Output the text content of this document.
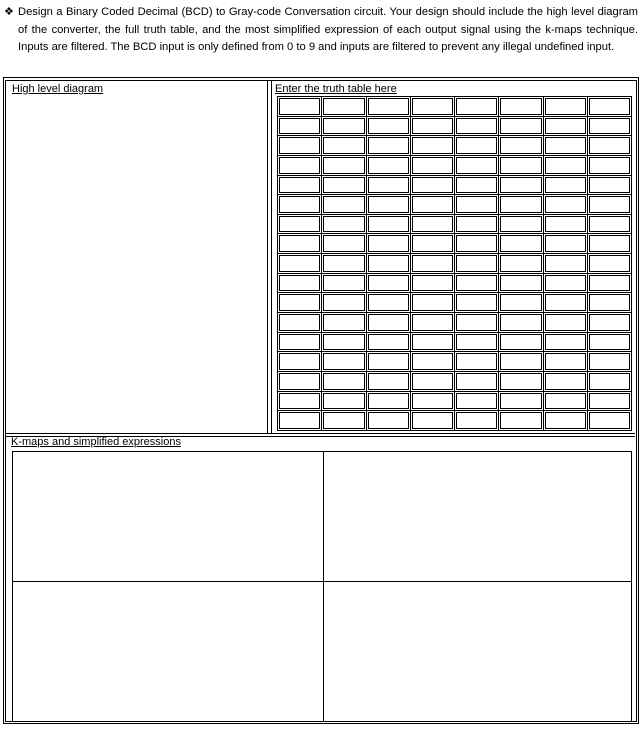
❖ Design a Binary Coded Decimal (BCD) to Gray-code Conversation circuit. Your design should include the high level diagram of the converter, the full truth table, and the most simplified expression of each output signal using the k-maps technique. Inputs are filtered. The BCD input is only defined from 0 to 9 and inputs are filtered to prevent any illegal undefined input.
High level diagram	Enter the truth table here
K-maps and simplified expressions
